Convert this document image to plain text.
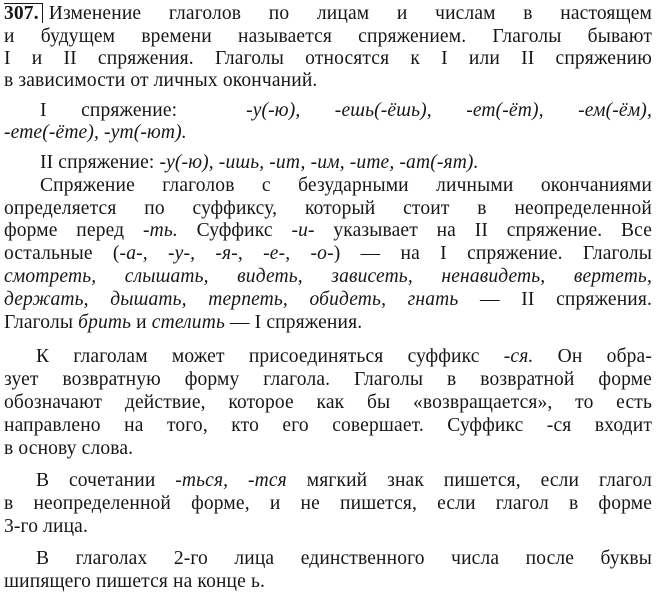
307. Изменение глаголов по лицам и числам в настоящем
и будущем времени называется спряжением. Глаголы бывают
I и II спряжения. Глаголы относятся к I или II спряжению
в зависимости от личных окончаний.
I спряжение:	-у(-ю), -ешь(-ёшь), -ет(-ёт), -ем(-ём),
-ете(-ёте), -ут(-ют).
II спряжение: -у(-ю), -ишь, -ит, -им, -ите, -ат(-ят).
Спряжение глаголов с безударными личными окончаниями
определяется по суффиксу, который стоит в неопределенной
форме перед -ть. Суффикс -и- указывает на II спряжение. Все
остальные (-а-, -у-, -я-, -е-, -о-) — на I спряжение. Глаголы
смотреть, слышать, видеть, зависеть, ненавидеть, вертеть,
держать, дышать, терпеть, обидеть, гнать — II спряжения.
Глаголы брить и стелить — I спряжения.
К глаголам может присоединяться суффикс -ся. Он обра-
зует возвратную форму глагола. Глаголы в возвратной форме
обозначают действие, которое как бы «возвращается», то есть
направлено на того, кто его совершает. Суффикс -ся входит
в основу слова.
В сочетании -ться, -тся мягкий знак пишется, если глагол
в неопределенной форме, и не пишется, если глагол в форме
3-го лица.
В глаголах 2-го лица единственного числа после буквы
шипящего пишется на конце ь.
